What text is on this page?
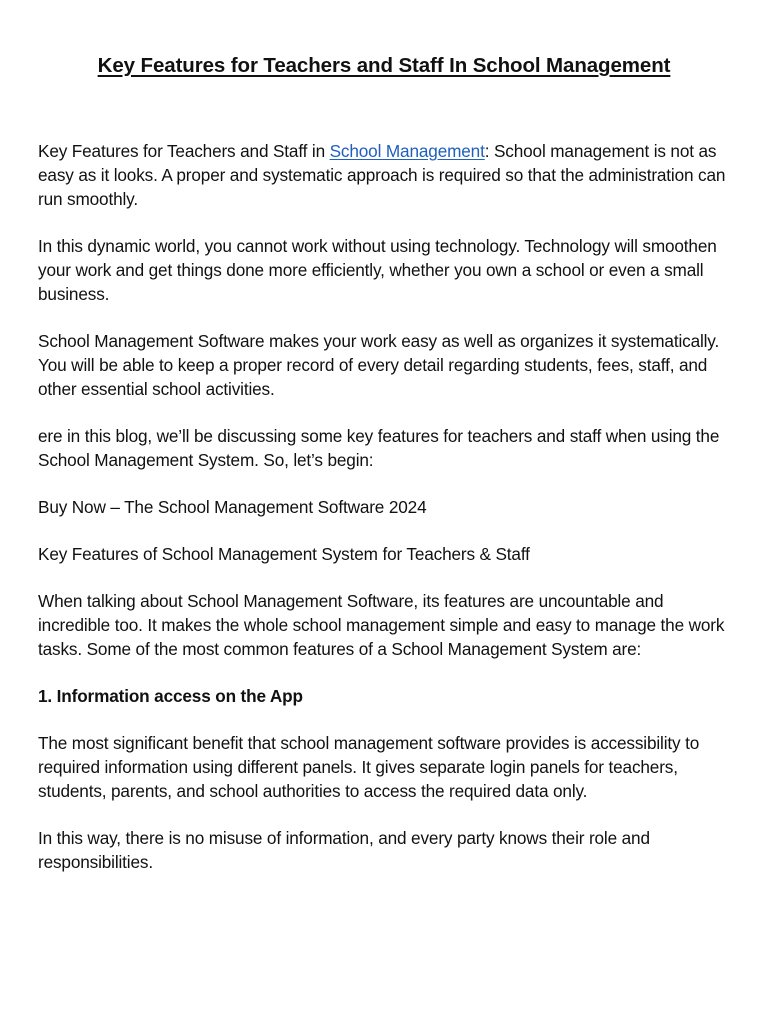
Key Features for Teachers and Staff In School Management

Key Features for Teachers and Staff in School Management: School management is not as easy as it looks. A proper and systematic approach is required so that the administration can run smoothly.

In this dynamic world, you cannot work without using technology. Technology will smoothen your work and get things done more efficiently, whether you own a school or even a small business.

School Management Software makes your work easy as well as organizes it systematically. You will be able to keep a proper record of every detail regarding students, fees, staff, and other essential school activities.

ere in this blog, we’ll be discussing some key features for teachers and staff when using the School Management System. So, let’s begin:

Buy Now – The School Management Software 2024

Key Features of School Management System for Teachers & Staff

When talking about School Management Software, its features are uncountable and incredible too. It makes the whole school management simple and easy to manage the work tasks. Some of the most common features of a School Management System are:

1. Information access on the App

The most significant benefit that school management software provides is accessibility to required information using different panels. It gives separate login panels for teachers, students, parents, and school authorities to access the required data only.

In this way, there is no misuse of information, and every party knows their role and responsibilities.
